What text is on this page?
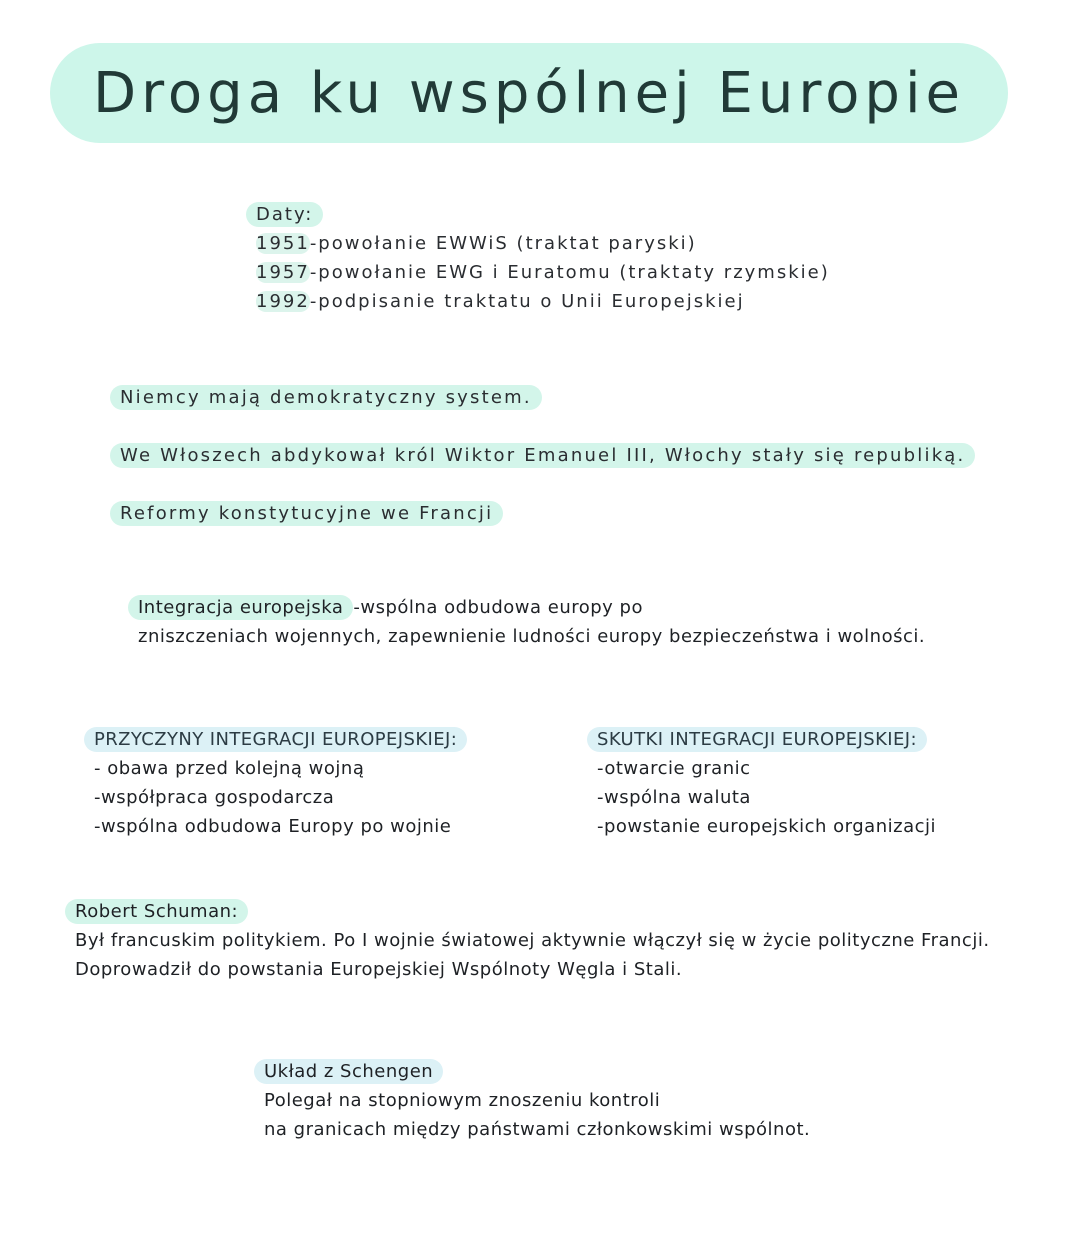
Droga ku wspólnej Europie
Daty:
1951-powołanie EWWiS (traktat paryski)
1957-powołanie EWG i Euratomu (traktaty rzymskie)
1992-podpisanie traktatu o Unii Europejskiej
Niemcy mają demokratyczny system.
We Włoszech abdykował król Wiktor Emanuel III, Włochy stały się republiką.
Reformy konstytucyjne we Francji
Integracja europejska -wspólna odbudowa europy po
zniszczeniach wojennych, zapewnienie ludności europy bezpieczeństwa i wolności.
PRZYCZYNY INTEGRACJI EUROPEJSKIEJ:
- obawa przed kolejną wojną
-współpraca gospodarcza
-wspólna odbudowa Europy po wojnie
SKUTKI INTEGRACJI EUROPEJSKIEJ:
-otwarcie granic
-wspólna waluta
-powstanie europejskich organizacji
Robert Schuman:
Był francuskim politykiem. Po I wojnie światowej aktywnie włączył się w życie polityczne Francji.
Doprowadził do powstania Europejskiej Wspólnoty Węgla i Stali.
Układ z Schengen
Polegał na stopniowym znoszeniu kontroli
na granicach między państwami członkowskimi wspólnot.
